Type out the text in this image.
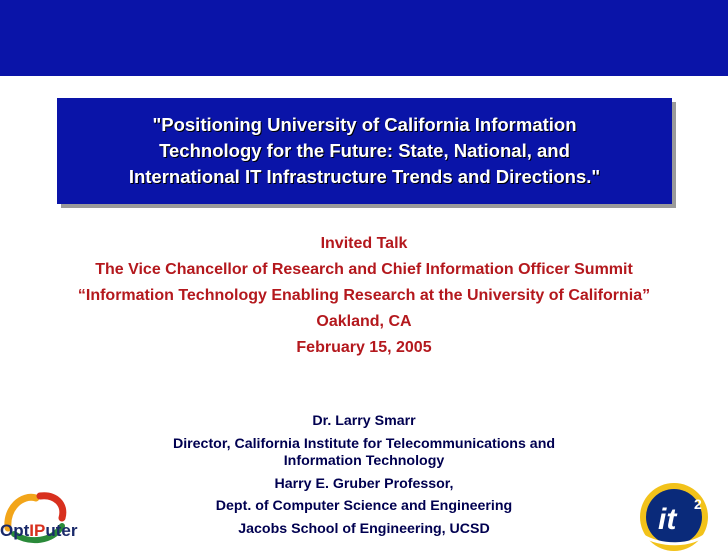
"Positioning University of California Information
Technology for the Future: State, National, and
International IT Infrastructure Trends and Directions."
Invited Talk
The Vice Chancellor of Research and Chief Information Officer Summit
“Information Technology Enabling Research at the University of California”
Oakland, CA
February 15, 2005
Dr. Larry Smarr
Director, California Institute for Telecommunications and
Information Technology
Harry E. Gruber Professor,
Dept. of Computer Science and Engineering
Jacobs School of Engineering, UCSD
OptIPuter	it 2
